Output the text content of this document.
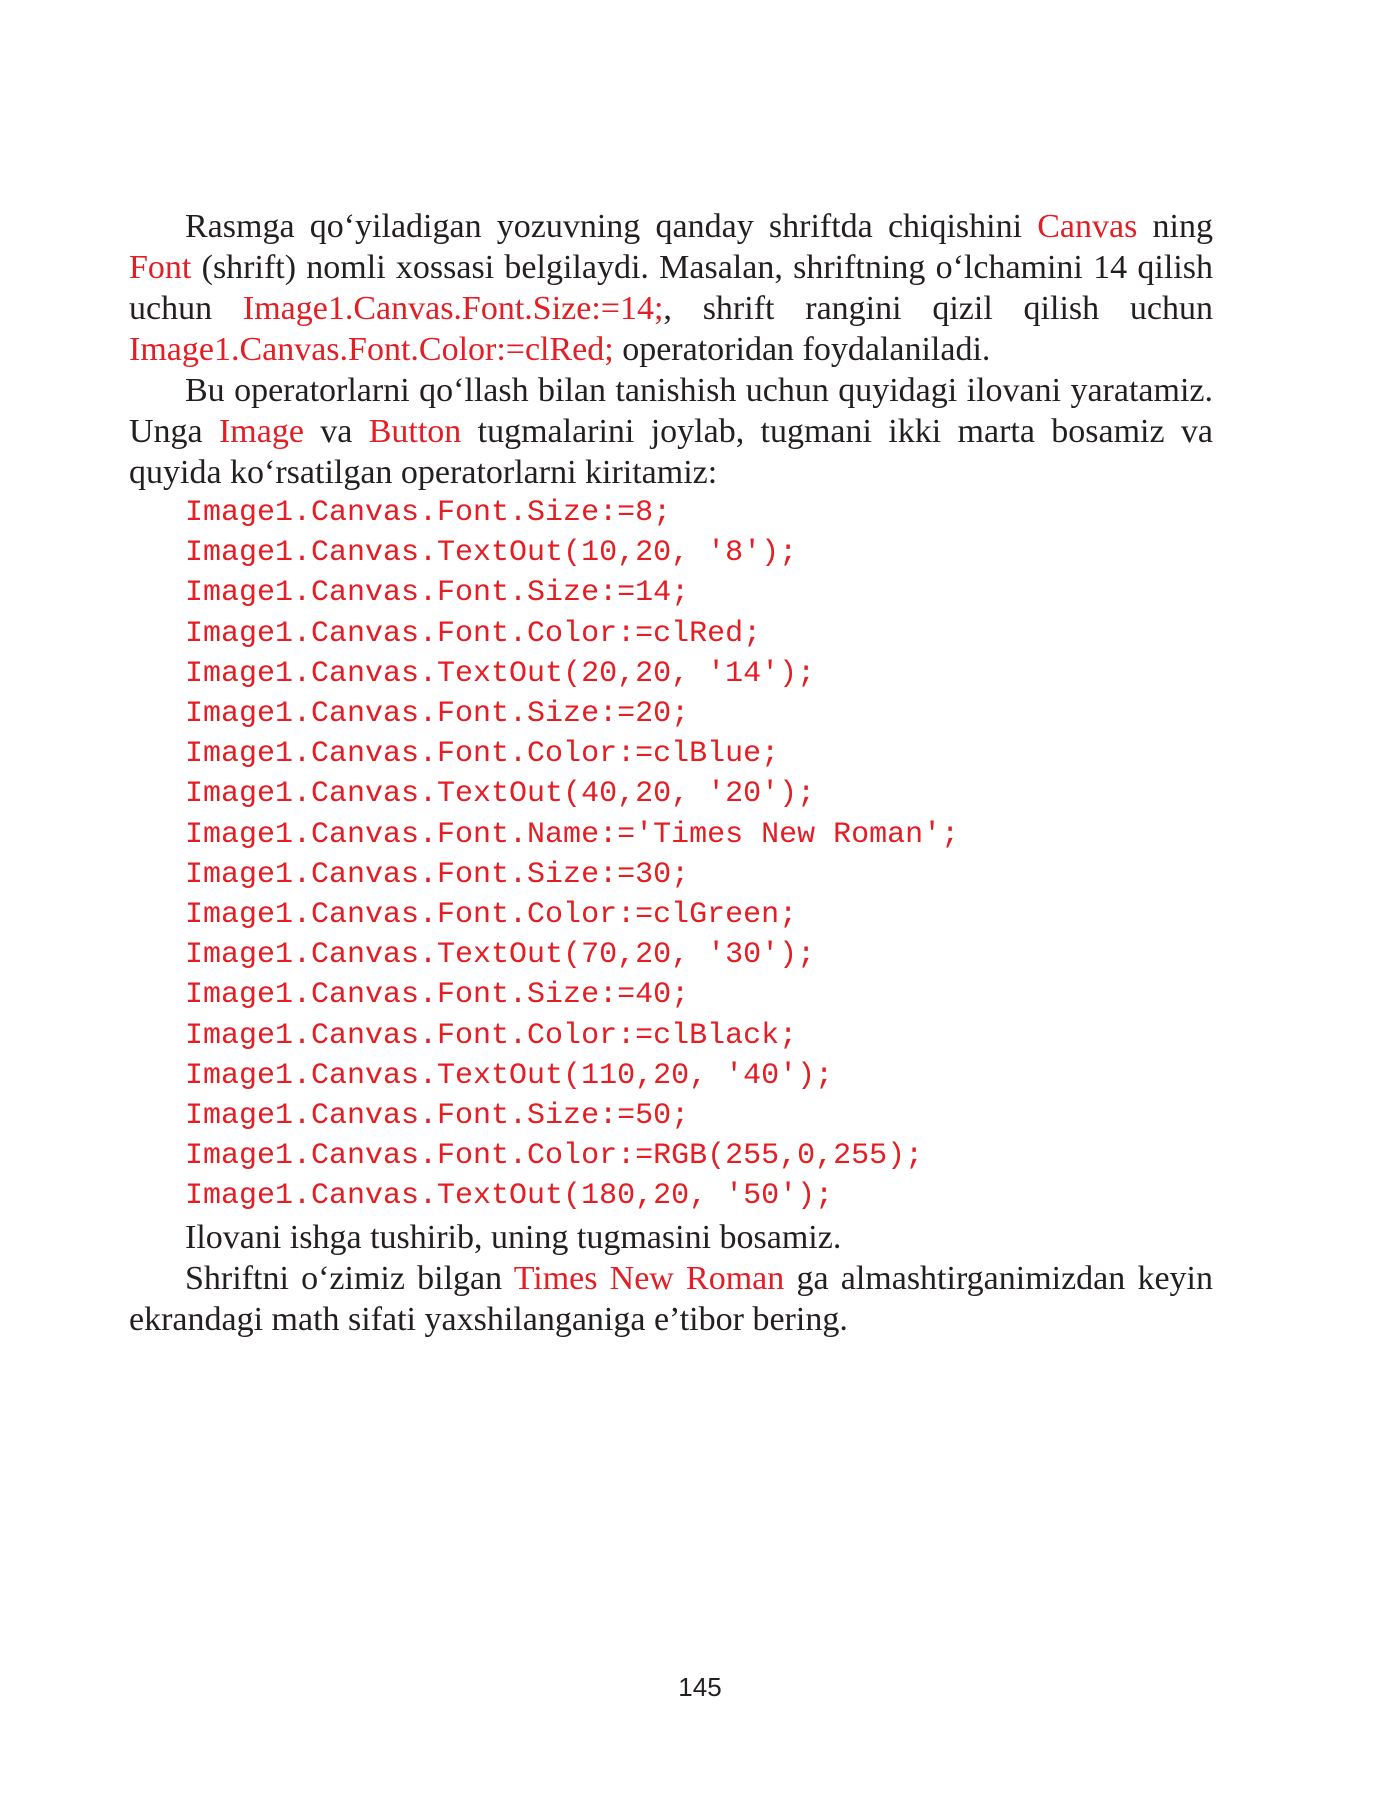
Rasmga qo‘yiladigan yozuvning qanday shriftda chiqishini Canvas ning Font (shrift) nomli xossasi belgilaydi. Masalan, shriftning o‘lchamini 14 qilish uchun Image1.Canvas.Font.Size:=14;, shrift rangini qizil qilish uchun Image1.Canvas.Font.Color:=clRed; operatoridan foydalaniladi.

Bu operatorlarni qo‘llash bilan tanishish uchun quyidagi ilovani yaratamiz. Unga Image va Button tugmalarini joylab, tugmani ikki marta bosamiz va quyida ko‘rsatilgan operatorlarni kiritamiz:

Image1.Canvas.Font.Size:=8;
Image1.Canvas.TextOut(10,20, '8');
Image1.Canvas.Font.Size:=14;
Image1.Canvas.Font.Color:=clRed;
Image1.Canvas.TextOut(20,20, '14');
Image1.Canvas.Font.Size:=20;
Image1.Canvas.Font.Color:=clBlue;
Image1.Canvas.TextOut(40,20, '20');
Image1.Canvas.Font.Name:='Times New Roman';
Image1.Canvas.Font.Size:=30;
Image1.Canvas.Font.Color:=clGreen;
Image1.Canvas.TextOut(70,20, '30');
Image1.Canvas.Font.Size:=40;
Image1.Canvas.Font.Color:=clBlack;
Image1.Canvas.TextOut(110,20, '40');
Image1.Canvas.Font.Size:=50;
Image1.Canvas.Font.Color:=RGB(255,0,255);
Image1.Canvas.TextOut(180,20, '50');

Ilovani ishga tushirib, uning tugmasini bosamiz.

Shriftni o‘zimiz bilgan Times New Roman ga almashtirganimizdan keyin ekrandagi math sifati yaxshilanganiga e’tibor bering.

145
